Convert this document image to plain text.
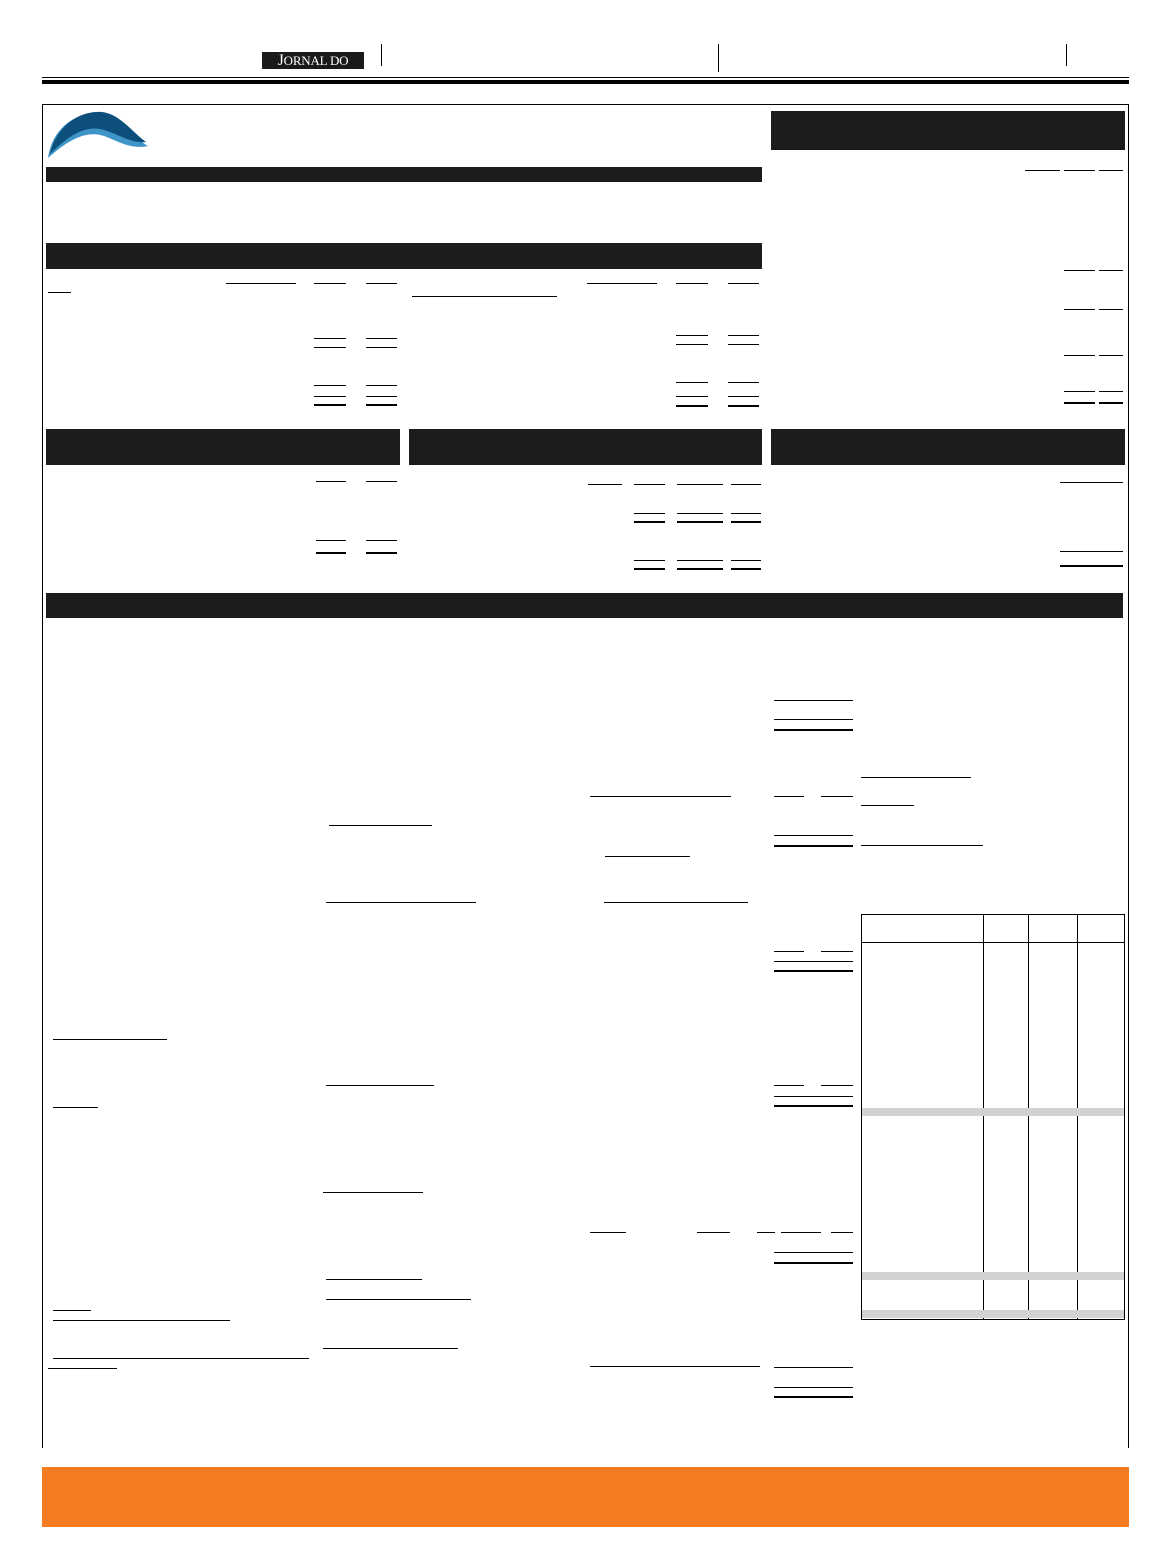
JORNAL DO
